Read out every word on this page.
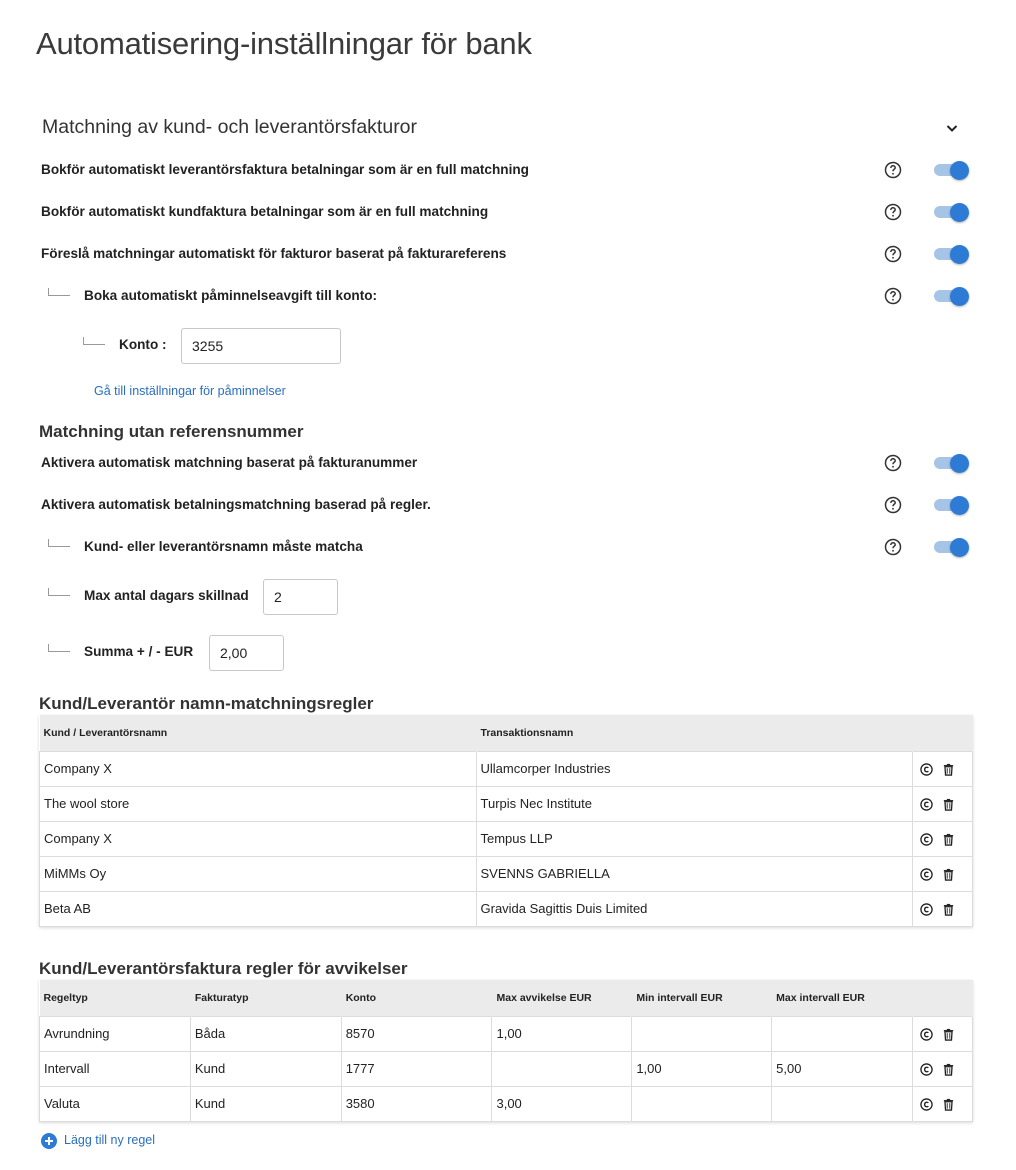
Automatisering-inställningar för bank
Matchning av kund- och leverantörsfakturor
Bokför automatiskt leverantörsfaktura betalningar som är en full matchning
Bokför automatiskt kundfaktura betalningar som är en full matchning
Föreslå matchningar automatiskt för fakturor baserat på fakturareferens
Boka automatiskt påminnelseavgift till konto:
Konto :
3255
Gå till inställningar för påminnelser
Matchning utan referensnummer
Aktivera automatisk matchning baserat på fakturanummer
Aktivera automatisk betalningsmatchning baserad på regler.
Kund- eller leverantörsnamn måste matcha
Max antal dagars skillnad
2
Summa + / - EUR
2,00
Kund/Leverantör namn-matchningsregler
Kund / Leverantörsnamn	Transaktionsnamn	
Company X	Ullamcorper Industries	
The wool store	Turpis Nec Institute	
Company X	Tempus LLP	
MiMMs Oy	SVENNS GABRIELLA	
Beta AB	Gravida Sagittis Duis Limited	
Kund/Leverantörsfaktura regler för avvikelser
Regeltyp	Fakturatyp	Konto	Max avvikelse EUR	Min intervall EUR	Max intervall EUR	
Avrundning	Båda	8570	1,00			
Intervall	Kund	1777		1,00	5,00	
Valuta	Kund	3580	3,00			
Lägg till ny regel
